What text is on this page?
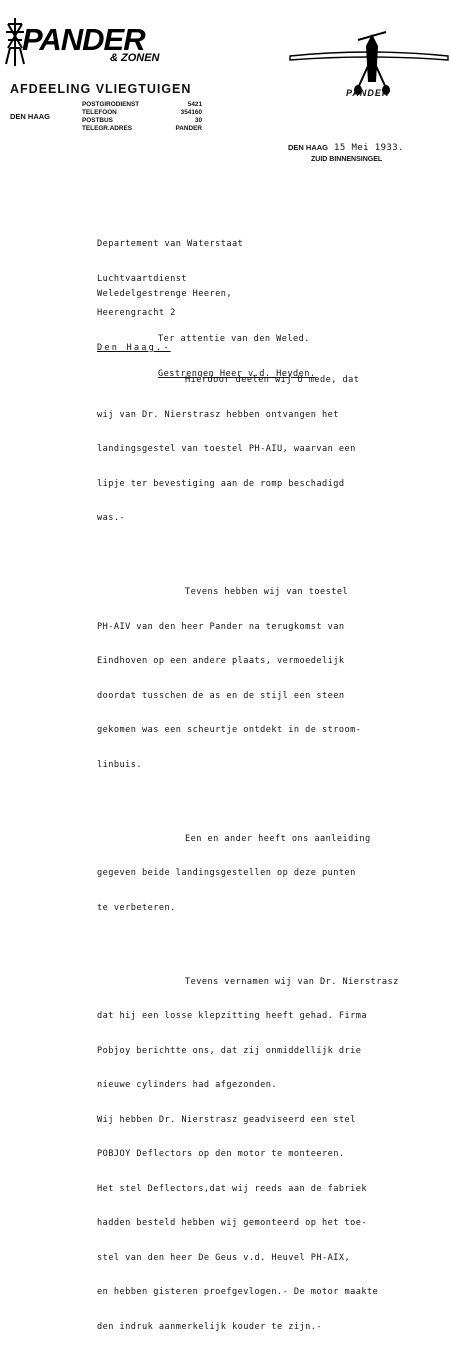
PANDER
& ZONEN
AFDEELING VLIEGTUIGEN
DEN HAAG
POSTGIRODIENST	5421
TELEFOON	354160
POSTBUS	30
TELEGR.ADRES	PANDER
PANDER
DEN HAAG 15 Mei 1933.
ZUID BINNENSINGEL

Departement van Waterstaat

Luchtvaartdienst

Heerengracht 2

Den Haag.-

Weledelgestrenge Heeren,

Ter attentie van den Weled.

Gestrengen Heer v.d. Heyden.

Hierdoor deelen wij U mede, dat

wij van Dr. Nierstrasz hebben ontvangen het

landingsgestel van toestel PH-AIU, waarvan een

lipje ter bevestiging aan de romp beschadigd

was.-

Tevens hebben wij van toestel

PH-AIV van den heer Pander na terugkomst van

Eindhoven op een andere plaats, vermoedelijk

doordat tusschen de as en de stijl een steen

gekomen was een scheurtje ontdekt in de stroom-

linbuis.

Een en ander heeft ons aanleiding

gegeven beide landingsgestellen op deze punten

te verbeteren.

Tevens vernamen wij van Dr. Nierstrasz

dat hij een losse klepzitting heeft gehad. Firma

Pobjoy berichtte ons, dat zij onmiddellijk drie

nieuwe cylinders had afgezonden.

Wij hebben Dr. Nierstrasz geadviseerd een stel

POBJOY Deflectors op den motor te monteeren.

Het stel Deflectors,dat wij reeds aan de fabriek

hadden besteld hebben wij gemonteerd op het toe-

stel van den heer De Geus v.d. Heuvel PH-AIX,

en hebben gisteren proefgevlogen.- De motor maakte

den indruk aanmerkelijk kouder te zijn.-
